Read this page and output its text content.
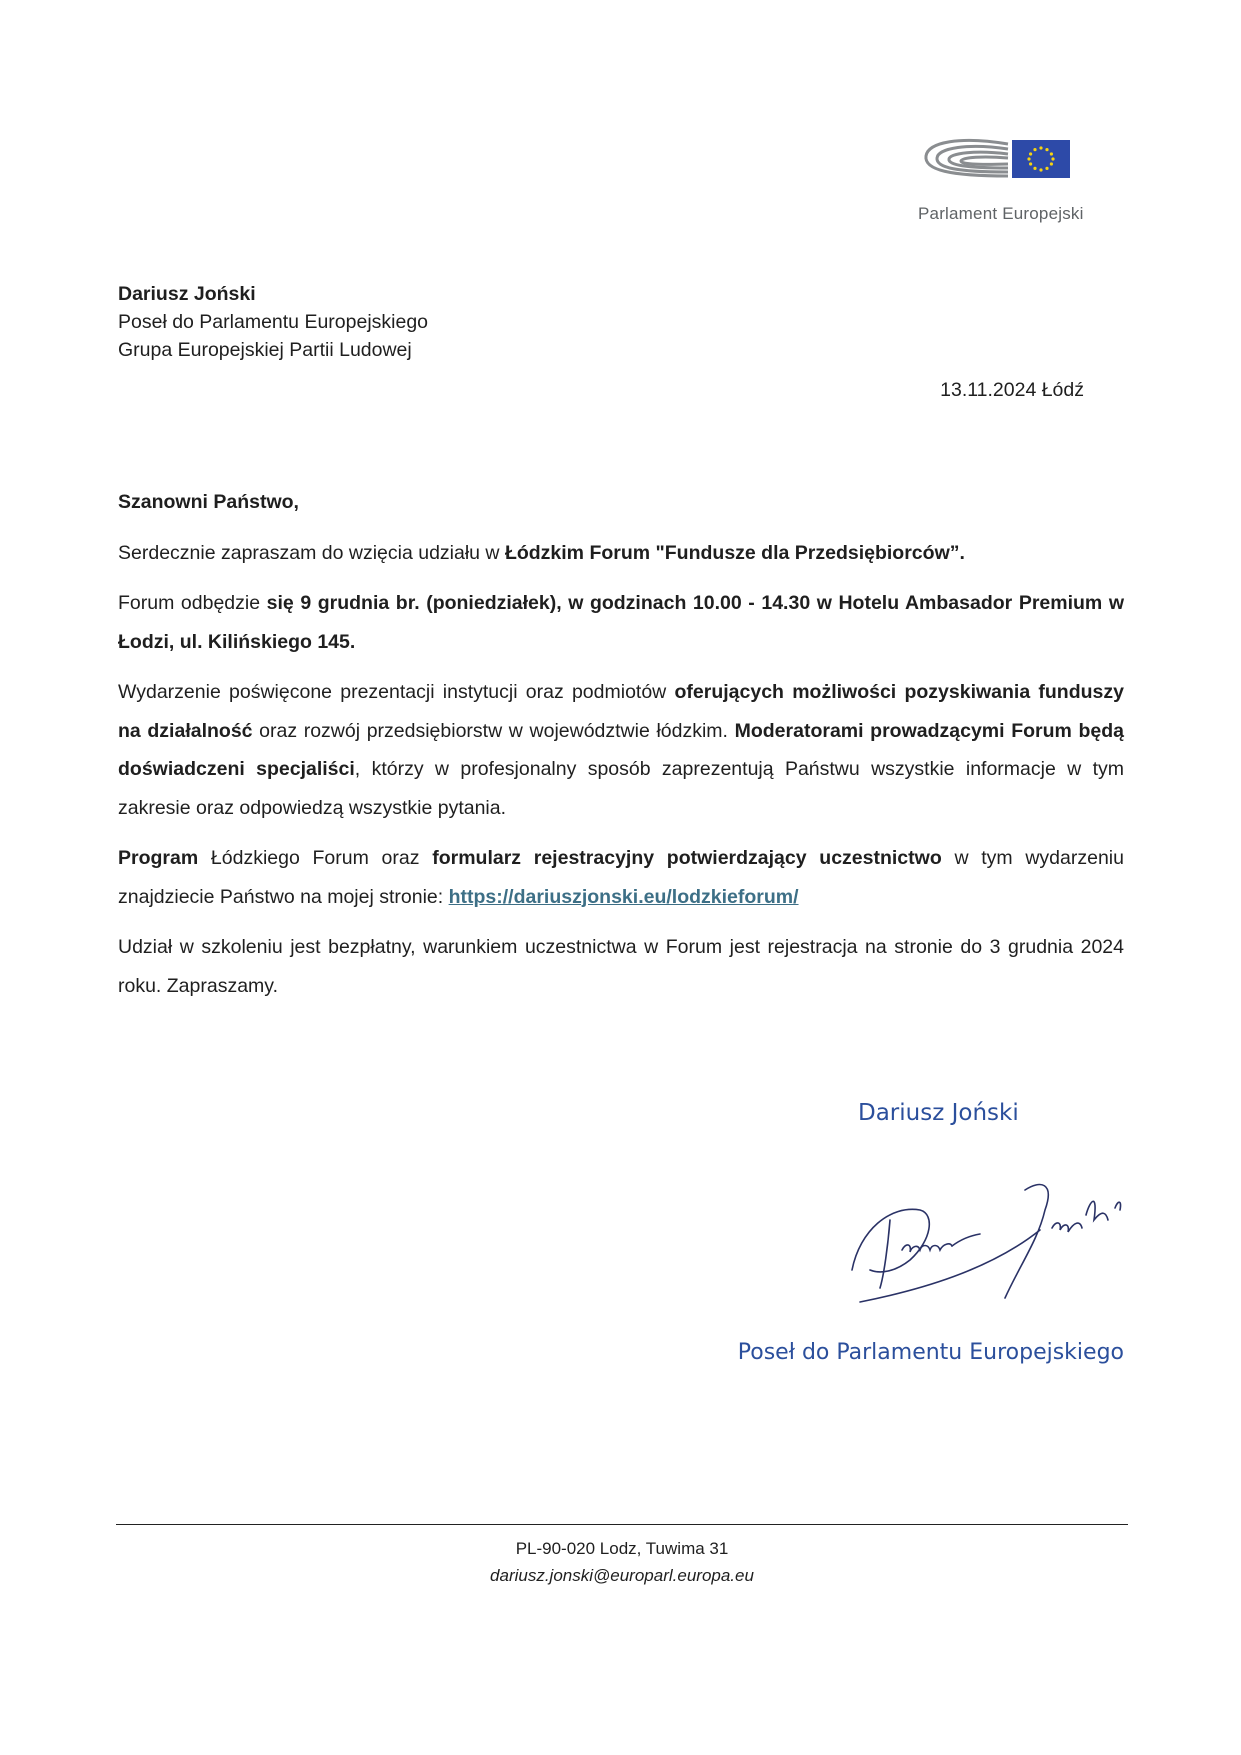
Parlament Europejski
Dariusz Joński
Poseł do Parlamentu Europejskiego
Grupa Europejskiej Partii Ludowej
13.11.2024 Łódź

Szanowni Państwo,

Serdecznie zapraszam do wzięcia udziału w Łódzkim Forum "Fundusze dla Przedsiębiorców”.

Forum odbędzie się 9 grudnia br. (poniedziałek), w godzinach 10.00 - 14.30 w Hotelu Ambasador Premium w Łodzi, ul. Kilińskiego 145.

Wydarzenie poświęcone prezentacji instytucji oraz podmiotów oferujących możliwości pozyskiwania funduszy na działalność oraz rozwój przedsiębiorstw w województwie łódzkim. Moderatorami prowadzącymi Forum będą doświadczeni specjaliści, którzy w profesjonalny sposób zaprezentują Państwu wszystkie informacje w tym zakresie oraz odpowiedzą wszystkie pytania.

Program Łódzkiego Forum oraz formularz rejestracyjny potwierdzający uczestnictwo w tym wydarzeniu znajdziecie Państwo na mojej stronie: https://dariuszjonski.eu/lodzkieforum/

Udział w szkoleniu jest bezpłatny, warunkiem uczestnictwa w Forum jest rejestracja na stronie do 3 grudnia 2024 roku. Zapraszamy.

Dariusz Joński
Poseł do Parlamentu Europejskiego
PL-90-020 Lodz, Tuwima 31
dariusz.jonski@europarl.europa.eu
